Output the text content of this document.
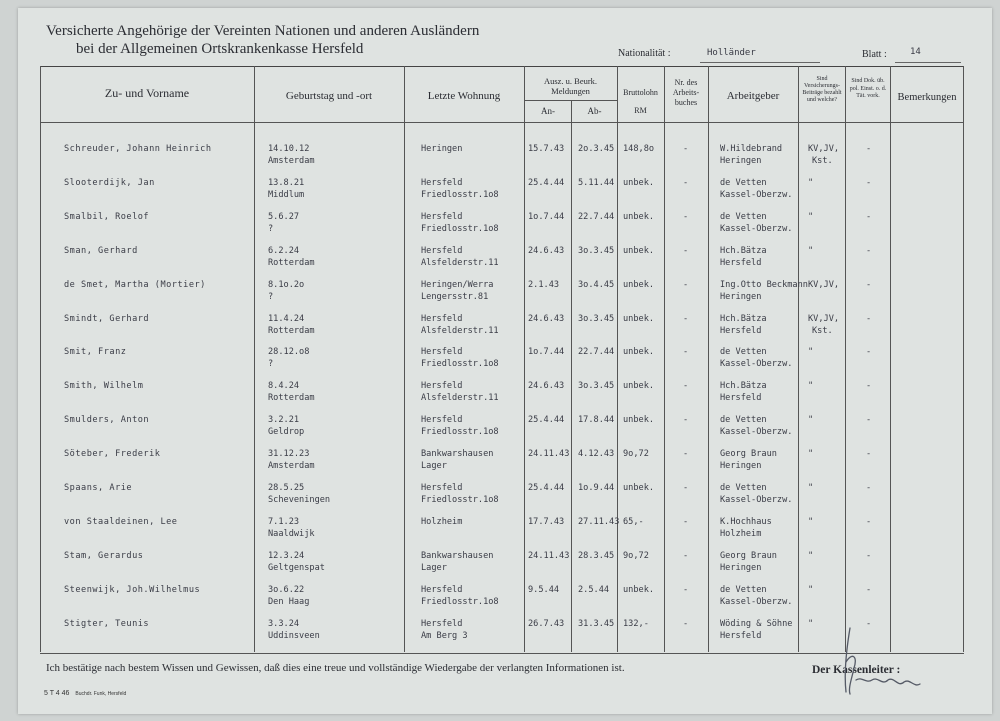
Versicherte Angehörige der Vereinten Nationen und anderen Ausländern
bei der Allgemeinen Ortskrankenkasse Hersfeld	Nationalität :	Holländer	Blatt :	14
Zu- und Vorname	Geburtstag und -ort	Letzte Wohnung
Ausz. u. Beurk. Meldungen
An-	Ab-
Bruttolohn
RM
Nr. des Arbeits- buches
Arbeitgeber
Sind Versicherungs- Beiträge bezahlt und welche?
Sind Dok. üb. pol. Einst. o. d. Tät. vork.	Bemerkungen
Schreuder, Johann Heinrich	14.10.12
Amsterdam
Heringen	15.7.43 2o.3.45 148,8o	-	W.Hildebrand
Heringen
KV,JV,
Kst.
-
Slooterdijk, Jan	13.8.21
Middlum
Hersfeld
Friedlosstr.1o8
25.4.44 5.11.44 unbek.	-	de Vetten
Kassel-Oberzw.
"	-
Smalbil, Roelof	5.6.27
?
Hersfeld
Friedlosstr.1o8
1o.7.44 22.7.44 unbek.	-	de Vetten
Kassel-Oberzw.
"	-
Sman, Gerhard	6.2.24
Rotterdam
Hersfeld
Alsfelderstr.11
24.6.43 3o.3.45 unbek.	-	Hch.Bätza
Hersfeld
"	-
de Smet, Martha (Mortier)	8.1o.2o
?
Heringen/Werra
Lengersstr.81
2.1.43 3o.4.45 unbek.	-	Ing.Otto Beckmann
Heringen
KV,JV,	-
Smindt, Gerhard	11.4.24
Rotterdam
Hersfeld
Alsfelderstr.11
24.6.43 3o.3.45 unbek.	-	Hch.Bätza
Hersfeld
KV,JV,
Kst.
-
Smit, Franz	28.12.o8
?
Hersfeld
Friedlosstr.1o8
1o.7.44 22.7.44 unbek.	-	de Vetten
Kassel-Oberzw.
"	-
Smith, Wilhelm	8.4.24
Rotterdam
Hersfeld
Alsfelderstr.11
24.6.43 3o.3.45 unbek.	-	Hch.Bätza
Hersfeld
"	-
Smulders, Anton	3.2.21
Geldrop
Hersfeld
Friedlosstr.1o8
25.4.44 17.8.44 unbek.	-	de Vetten
Kassel-Oberzw.
"	-
Söteber, Frederik	31.12.23
Amsterdam
Bankwarshausen
Lager
24.11.43 4.12.43 9o,72	-	Georg Braun
Heringen
"	-
Spaans, Arie	28.5.25
Scheveningen
Hersfeld
Friedlosstr.1o8
25.4.44 1o.9.44 unbek.	-	de Vetten
Kassel-Oberzw.
"	-
von Staaldeinen, Lee	7.1.23
Naaldwijk
Holzheim	17.7.43 27.11.43 65,-	-	K.Hochhaus
Holzheim
"	-
Stam, Gerardus	12.3.24
Geltgenspat
Bankwarshausen
Lager
24.11.43 28.3.45 9o,72	-	Georg Braun
Heringen
"	-
Steenwijk, Joh.Wilhelmus	3o.6.22
Den Haag
Hersfeld
Friedlosstr.1o8
9.5.44 2.5.44 unbek.	-	de Vetten
Kassel-Oberzw.
"	-
Stigter, Teunis	3.3.24
Uddinsveen
Hersfeld
Am Berg 3
26.7.43 31.3.45 132,-	-	Wöding & Söhne
Hersfeld
"	-
Ich bestätige nach bestem Wissen und Gewissen, daß dies eine treue und vollständige Wiedergabe der verlangten Informationen ist.	Der Kassenleiter :
5 T 4 46 Buchdr. Funk, Hersfeld
